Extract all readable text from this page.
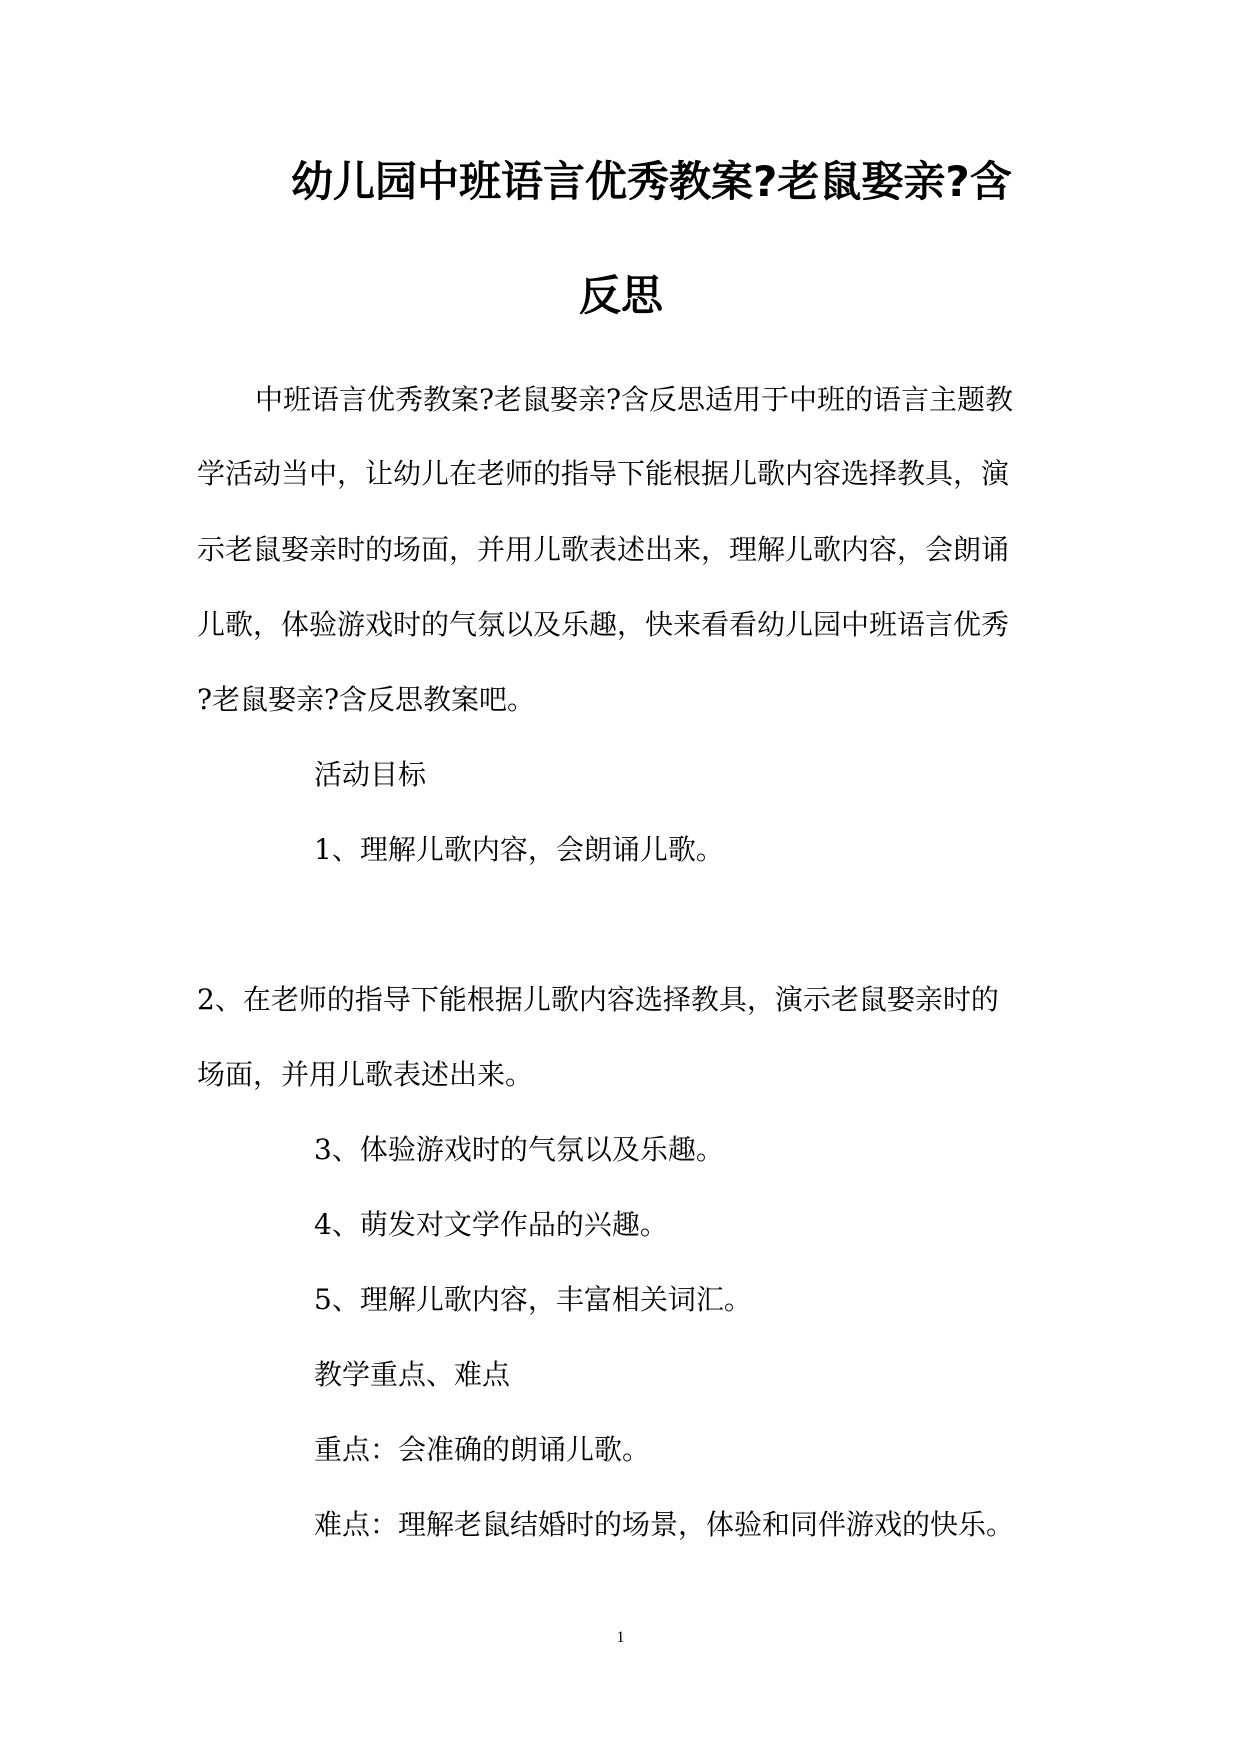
幼儿园中班语言优秀教案?老鼠娶亲?含
反思

中班语言优秀教案?老鼠娶亲?含反思适用于中班的语言主题教

学活动当中，让幼儿在老师的指导下能根据儿歌内容选择教具，演

示老鼠娶亲时的场面，并用儿歌表述出来，理解儿歌内容，会朗诵

儿歌，体验游戏时的气氛以及乐趣，快来看看幼儿园中班语言优秀

?老鼠娶亲?含反思教案吧。

活动目标

1、理解儿歌内容，会朗诵儿歌。

2、在老师的指导下能根据儿歌内容选择教具，演示老鼠娶亲时的

场面，并用儿歌表述出来。

3、体验游戏时的气氛以及乐趣。

4、萌发对文学作品的兴趣。

5、理解儿歌内容，丰富相关词汇。

教学重点、难点

重点：会准确的朗诵儿歌。

难点：理解老鼠结婚时的场景，体验和同伴游戏的快乐。

1
